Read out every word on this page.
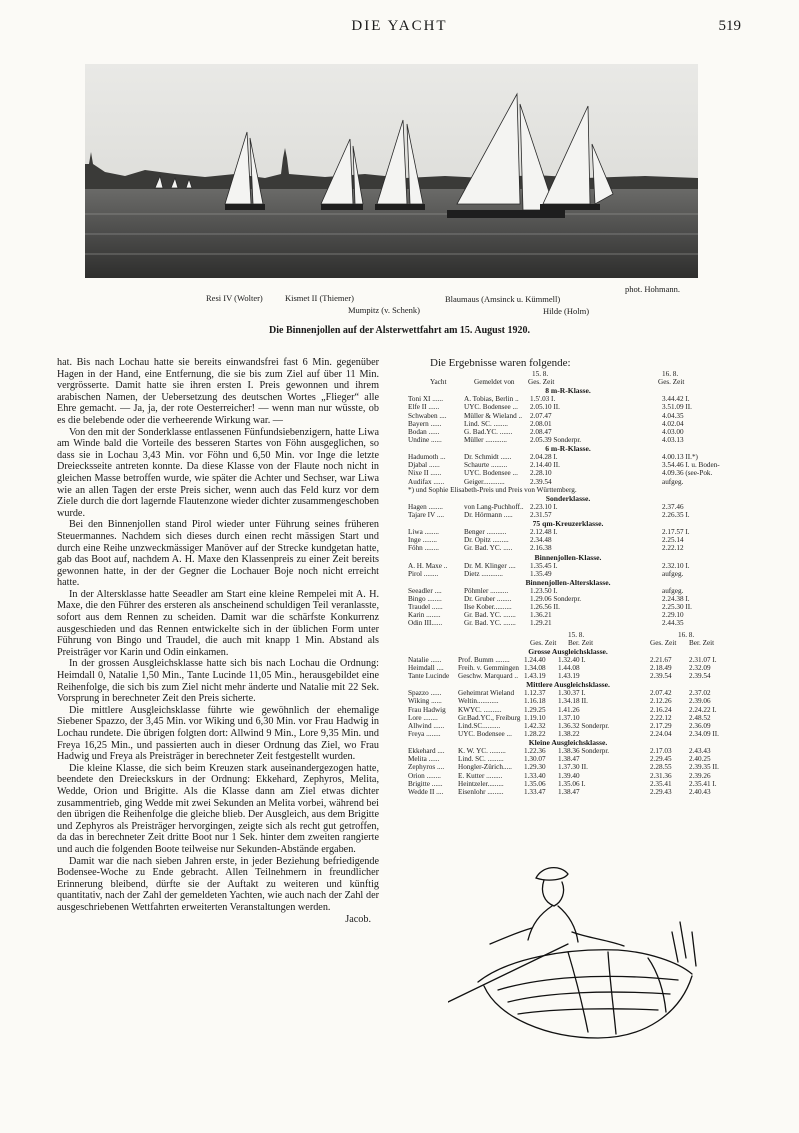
DIE YACHT	519
phot. Hohmann.
Resi IV (Wolter)	Kismet II (Thiemer)	Blaumaus (Amsinck u. Kümmell)
Mumpitz (v. Schenk)	Hilde (Holm)
Die Binnenjollen auf der Alsterwettfahrt am 15. August 1920.

hat. Bis nach Lochau hatte sie bereits einwandsfrei fast 6 Min. gegenüber Hagen in der Hand, eine Entfernung, die sie bis zum Ziel auf über 11 Min. vergrösserte. Damit hatte sie ihren ersten I. Preis gewonnen und ihrem arabischen Namen, der Uebersetzung des deutschen Wortes „Flieger“ alle Ehre gemacht. — Ja, ja, der rote Oesterreicher! — wenn man nur wüsste, ob es die belebende oder die verheerende Wirkung war. —

Von den mit der Sonderklasse entlassenen Fünfundsiebenzigern, hatte Liwa am Winde bald die Vorteile des besseren Startes von Föhn ausgeglichen, so dass sie in Lochau 3,43 Min. vor Föhn und 6,50 Min. vor Inge die letzte Dreiecksseite antreten konnte. Da diese Klasse von der Flaute noch nicht in gleichen Masse betroffen wurde, wie später die Achter und Sechser, war Liwa wie an allen Tagen der erste Preis sicher, wenn auch das Feld kurz vor dem Ziele durch die dort lagernde Flautenzone wieder dichter zusammengeschoben wurde.

Bei den Binnenjollen stand Pirol wieder unter Führung seines früheren Steuermannes. Nachdem sich dieses durch einen recht mässigen Start und durch eine Reihe unzweckmässiger Manöver auf der Strecke kundgetan hatte, gab das Boot auf, nachdem A. H. Maxe den Klassenpreis zu einer Zeit bereits gewonnen hatte, in der der Gegner die Lochauer Boje noch nicht erreicht hatte.

In der Altersklasse hatte Seeadler am Start eine kleine Rempelei mit A. H. Maxe, die den Führer des ersteren als anscheinend schuldigen Teil veranlasste, sofort aus dem Rennen zu scheiden. Damit war die schärfste Konkurrenz ausgeschieden und das Rennen entwickelte sich in der üblichen Form unter Führung von Bingo und Traudel, die auch mit knapp 1 Min. Abstand als Preisträger vor Karin und Odin einkamen.

In der grossen Ausgleichsklasse hatte sich bis nach Lochau die Ordnung: Heimdall 0, Natalie 1,50 Min., Tante Lucinde 11,05 Min., herausgebildet eine Reihenfolge, die sich bis zum Ziel nicht mehr änderte und Natalie mit 22 Sek. Vorsprung in berechneter Zeit den Preis sicherte.

Die mittlere Ausgleichsklasse führte wie gewöhnlich der ehemalige Siebener Spazzo, der 3,45 Min. vor Wiking und 6,30 Min. vor Frau Hadwig in Lochau rundete. Die übrigen folgten dort: Allwind 9 Min., Lore 9,35 Min. und Freya 16,25 Min., und passierten auch in dieser Ordnung das Ziel, wo Frau Hadwig und Freya als Preisträger in berechneter Zeit festgestellt wurden.

Die kleine Klasse, die sich beim Kreuzen stark auseinandergezogen hatte, beendete den Dreieckskurs in der Ordnung: Ekkehard, Zephyros, Melita, Wedde, Orion und Brigitte. Als die Klasse dann am Ziel etwas dichter zusammentrieb, ging Wedde mit zwei Sekunden an Melita vorbei, während bei den übrigen die Reihenfolge die gleiche blieb. Der Ausgleich, aus dem Brigitte und Zephyros als Preisträger hervorgingen, zeigte sich als recht gut getroffen, da das in berechneter Zeit dritte Boot nur 1 Sek. hinter dem zweiten rangierte und auch die folgenden Boote teilweise nur Sekunden-Abstände ergaben.

Damit war die nach sieben Jahren erste, in jeder Beziehung befriedigende Bodensee-Woche zu Ende gebracht. Allen Teilnehmern in freundlicher Erinnerung bleibend, dürfte sie der Auftakt zu weiteren und künftig quantitativ, nach der Zahl der gemeldeten Yachten, wie auch nach der Zahl der ausgeschriebenen Wettfahrten erweiterten Veranstaltungen werden.

Jacob.
Die Ergebnisse waren folgende:
15. 8.	16. 8.
Yacht	Gemeldet von Ges. Zeit	Ges. Zeit
8 m-R-Klasse.
Toni XI ......	A. Tobias, Berlin .. 1.5'.03 I.	3.44.42 I.
Elfe II ......	UYC. Bodensee ... 2.05.10 II.	3.51.09 II.
Schwaben .... Müller & Wieland .. 2.07.47	4.04.35
Bayern ......	Lind. SC. ........	2.08.01	4.02.04
Bodan ......	G. Bad.YC. ....... 2.08.47	4.03.00
Undine ......	Müller ............	2.05.39 Sonderpr.	4.03.13
6 m-R-Klasse.
Hadumoth ...	Dr. Schmidt ......	2.04.28 I.	4.00.13 II.*)
Djabal ......	Schaurte .........	2.14.40 II.	3.54.46 I. u. Boden-
Nixe II ......	UYC. Bodensee ... 2.28.10	4.09.36 (see-Pok.
Audifax ......	Geiger............	2.39.54	aufgeg.
*) und Sophie Elisabeth-Preis und Preis von Württemberg.
Sonderklasse.
Hagen ........	von Lang-Puchhoff.. 2.23.10 I.	2.37.46
Tajare IV ....	Dr. Hörmann ..... 2.31.57	2.26.35 I.
75 qm-Kreuzerklasse.
Liwa ........	Benger ...........	2.12.48 I.	2.17.57 I.
Inge ........	Dr. Opitz .........	2.34.48	2.25.14
Föhn ........	Gr. Bad. YC. ..... 2.16.38	2.22.12
Binnenjollen-Klasse.
A. H. Maxe .. Dr. M. Klinger .... 1.35.45 I.	2.32.10 I.
Pirol ........	Dietz ............	1.35.49	aufgeg.
Binnenjollen-Altersklasse.
Seeadler ....	Pöhmler ..........	1.23.50 I.	aufgeg.
Bingo ........	Dr. Gruber ........	1.29.06 Sonderpr.	2.24.38 I.
Traudel ......	Ilse Kober..........	1.26.56 II.	2.25.30 II.
Karin ........	Gr. Bad. YC. ....... 1.36.21	2.29.10
Odin III......	Gr. Bad. YC. ....... 1.29.21	2.44.35
15. 8.	16. 8.
Ges. Zeit Ber. Zeit	Ges. Zeit Ber. Zeit
Grosse Ausgleichsklasse.
Natalie ...... Prof. Bumm ........ 1.24.40 1.32.40 I.	2.21.67 2.31.07 I.
Heimdall .... Freih. v. Gemmingen 1.34.08 1.44.08	2.18.49 2.32.09
Tante Lucinde Geschw. Marquard .. 1.43.19 1.43.19	2.39.54 2.39.54
Mittlere Ausgleichsklasse.
Spazzo ...... Geheimrat Wieland 1.12.37 1.30.37 I.	2.07.42 2.37.02
Wiking ...... Weltin............	1.16.18 1.34.18 II.	2.12.26 2.39.06
Frau Hadwig KWYC. ..........	1.29.25 1.41.26	2.16.24 2.24.22 I.
Lore ........	Gr.Bad.YC., Freiburg 1.19.10 1.37.10	2.22.12 2.48.52
Allwind ...... Lind.SC..........	1.42.32 1.36.32 Sonderpr.	2.17.29 2.36.09
Freya ........ UYC. Bodensee ... 1.28.22 1.38.22	2.24.04 2.34.09 II.
Kleine Ausgleichsklasse.
Ekkehard .... K. W. YC. .........	1.22.36 1.38.36 Sonderpr.	2.17.03 2.43.43
Melita ......	Lind. SC. .........	1.30.07 1.38.47	2.29.45 2.40.25
Zephyros .... Hongler-Zürich..... 1.29.30 1.37.30 II.	2.28.55 2.39.35 II.
Orion ........ E. Kutter .........	1.33.40 1.39.40	2.31.36 2.39.26
Brigitte ...... Heintzeler.........	1.35.06 1.35.06 I.	2.35.41 2.35.41 I.
Wedde II .... Eisenlohr .........	1.33.47 1.38.47	2.29.43 2.40.43
